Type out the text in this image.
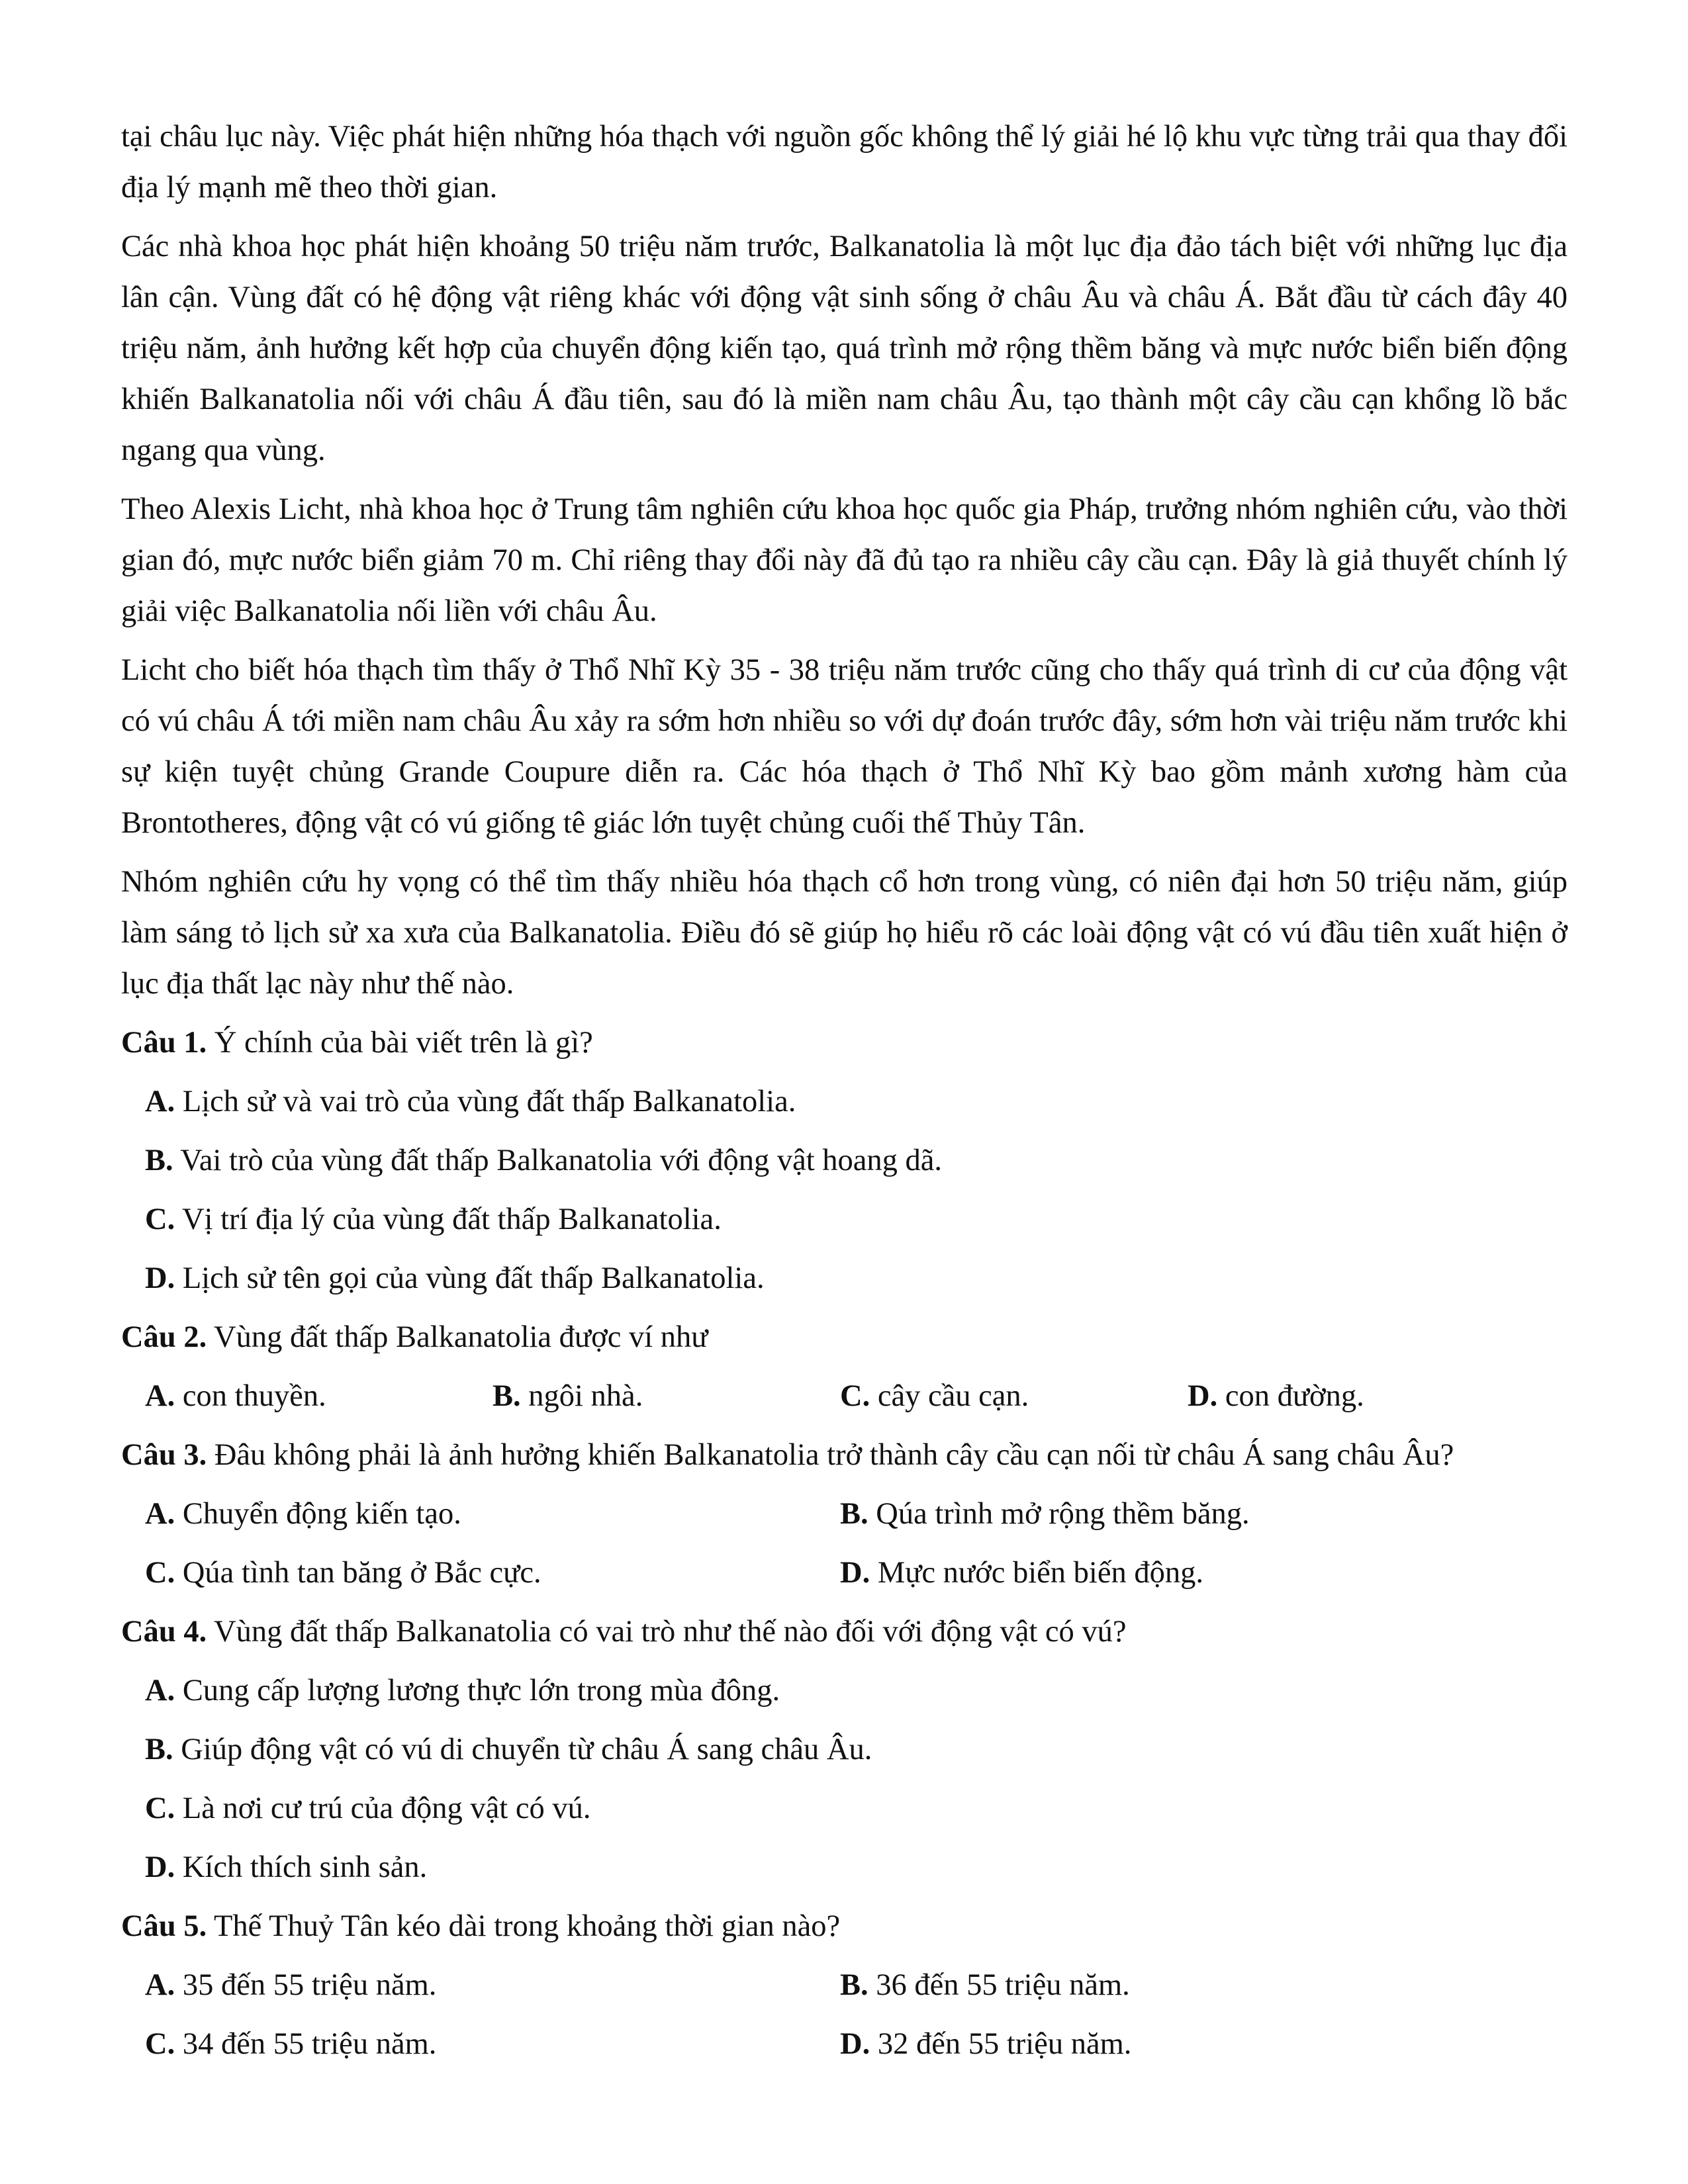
tại châu lục này. Việc phát hiện những hóa thạch với nguồn gốc không thể lý giải hé lộ khu vực từng trải qua thay đổi địa lý mạnh mẽ theo thời gian.

Các nhà khoa học phát hiện khoảng 50 triệu năm trước, Balkanatolia là một lục địa đảo tách biệt với những lục địa lân cận. Vùng đất có hệ động vật riêng khác với động vật sinh sống ở châu Âu và châu Á. Bắt đầu từ cách đây 40 triệu năm, ảnh hưởng kết hợp của chuyển động kiến tạo, quá trình mở rộng thềm băng và mực nước biển biến động khiến Balkanatolia nối với châu Á đầu tiên, sau đó là miền nam châu Âu, tạo thành một cây cầu cạn khổng lồ bắc ngang qua vùng.

Theo Alexis Licht, nhà khoa học ở Trung tâm nghiên cứu khoa học quốc gia Pháp, trưởng nhóm nghiên cứu, vào thời gian đó, mực nước biển giảm 70 m. Chỉ riêng thay đổi này đã đủ tạo ra nhiều cây cầu cạn. Đây là giả thuyết chính lý giải việc Balkanatolia nối liền với châu Âu.

Licht cho biết hóa thạch tìm thấy ở Thổ Nhĩ Kỳ 35 - 38 triệu năm trước cũng cho thấy quá trình di cư của động vật có vú châu Á tới miền nam châu Âu xảy ra sớm hơn nhiều so với dự đoán trước đây, sớm hơn vài triệu năm trước khi sự kiện tuyệt chủng Grande Coupure diễn ra. Các hóa thạch ở Thổ Nhĩ Kỳ bao gồm mảnh xương hàm của Brontotheres, động vật có vú giống tê giác lớn tuyệt chủng cuối thế Thủy Tân.

Nhóm nghiên cứu hy vọng có thể tìm thấy nhiều hóa thạch cổ hơn trong vùng, có niên đại hơn 50 triệu năm, giúp làm sáng tỏ lịch sử xa xưa của Balkanatolia. Điều đó sẽ giúp họ hiểu rõ các loài động vật có vú đầu tiên xuất hiện ở lục địa thất lạc này như thế nào.

Câu 1. Ý chính của bài viết trên là gì?
A. Lịch sử và vai trò của vùng đất thấp Balkanatolia.
B. Vai trò của vùng đất thấp Balkanatolia với động vật hoang dã.
C. Vị trí địa lý của vùng đất thấp Balkanatolia.
D. Lịch sử tên gọi của vùng đất thấp Balkanatolia.
Câu 2. Vùng đất thấp Balkanatolia được ví như
A. con thuyền.	B. ngôi nhà.	C. cây cầu cạn.	D. con đường.
Câu 3. Đâu không phải là ảnh hưởng khiến Balkanatolia trở thành cây cầu cạn nối từ châu Á sang châu Âu?
A. Chuyển động kiến tạo.	B. Qúa trình mở rộng thềm băng.
C. Qúa tình tan băng ở Bắc cực.	D. Mực nước biển biến động.
Câu 4. Vùng đất thấp Balkanatolia có vai trò như thế nào đối với động vật có vú?
A. Cung cấp lượng lương thực lớn trong mùa đông.
B. Giúp động vật có vú di chuyển từ châu Á sang châu Âu.
C. Là nơi cư trú của động vật có vú.
D. Kích thích sinh sản.
Câu 5. Thế Thuỷ Tân kéo dài trong khoảng thời gian nào?
A. 35 đến 55 triệu năm.	B. 36 đến 55 triệu năm.
C. 34 đến 55 triệu năm.	D. 32 đến 55 triệu năm.
